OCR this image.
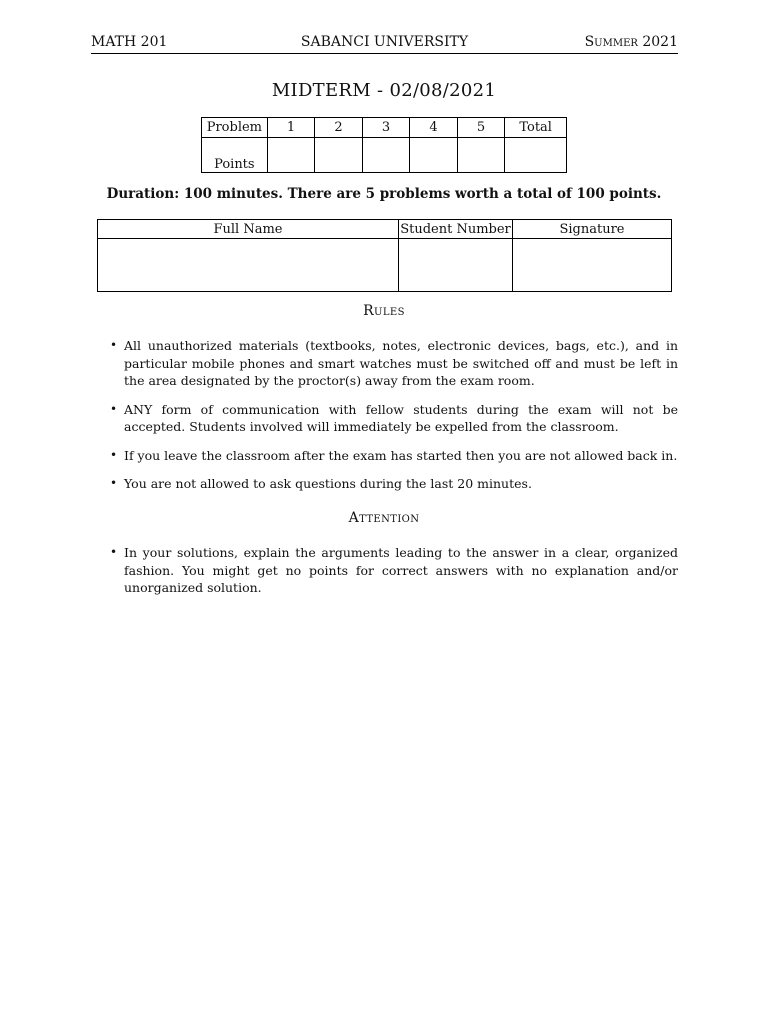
MATH 201	SABANCI UNIVERSITY	Summer 2021
MIDTERM - 02/08/2021
Problem	1	2	3	4	5	Total
Points						
Duration: 100 minutes. There are 5 problems worth a total of 100 points.
Full Name	Student Number	Signature

Rules
• All unauthorized materials (textbooks, notes, electronic devices, bags, etc.), and in particular mobile phones and smart watches must be switched off and must be left in the area designated by the proctor(s) away from the exam room.
• ANY form of communication with fellow students during the exam will not be accepted. Students involved will immediately be expelled from the classroom.
• If you leave the classroom after the exam has started then you are not allowed back in.
• You are not allowed to ask questions during the last 20 minutes.
Attention
• In your solutions, explain the arguments leading to the answer in a clear, organized fashion. You might get no points for correct answers with no explanation and/or unorganized solution.
